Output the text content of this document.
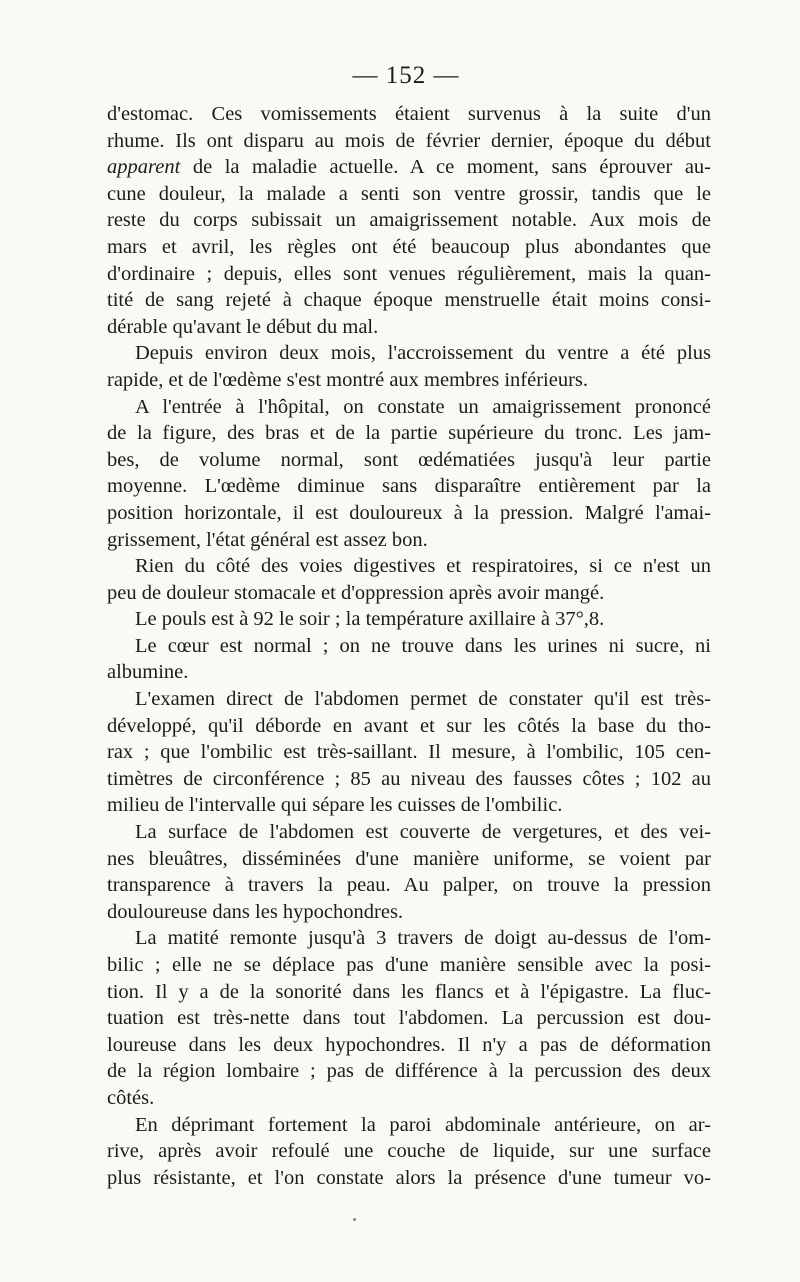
— 152 —
d'estomac. Ces vomissements étaient survenus à la suite d'un
rhume. Ils ont disparu au mois de février dernier, époque du début
apparent de la maladie actuelle. A ce moment, sans éprouver au-
cune douleur, la malade a senti son ventre grossir, tandis que le
reste du corps subissait un amaigrissement notable. Aux mois de
mars et avril, les règles ont été beaucoup plus abondantes que
d'ordinaire ; depuis, elles sont venues régulièrement, mais la quan-
tité de sang rejeté à chaque époque menstruelle était moins consi-
dérable qu'avant le début du mal.
Depuis environ deux mois, l'accroissement du ventre a été plus
rapide, et de l'œdème s'est montré aux membres inférieurs.
A l'entrée à l'hôpital, on constate un amaigrissement prononcé
de la figure, des bras et de la partie supérieure du tronc. Les jam-
bes, de volume normal, sont œdématiées jusqu'à leur partie
moyenne. L'œdème diminue sans disparaître entièrement par la
position horizontale, il est douloureux à la pression. Malgré l'amai-
grissement, l'état général est assez bon.
Rien du côté des voies digestives et respiratoires, si ce n'est un
peu de douleur stomacale et d'oppression après avoir mangé.
Le pouls est à 92 le soir ; la température axillaire à 37°,8.
Le cœur est normal ; on ne trouve dans les urines ni sucre, ni
albumine.
L'examen direct de l'abdomen permet de constater qu'il est très-
développé, qu'il déborde en avant et sur les côtés la base du tho-
rax ; que l'ombilic est très-saillant. Il mesure, à l'ombilic, 105 cen-
timètres de circonférence ; 85 au niveau des fausses côtes ; 102 au
milieu de l'intervalle qui sépare les cuisses de l'ombilic.
La surface de l'abdomen est couverte de vergetures, et des vei-
nes bleuâtres, disséminées d'une manière uniforme, se voient par
transparence à travers la peau. Au palper, on trouve la pression
douloureuse dans les hypochondres.
La matité remonte jusqu'à 3 travers de doigt au-dessus de l'om-
bilic ; elle ne se déplace pas d'une manière sensible avec la posi-
tion. Il y a de la sonorité dans les flancs et à l'épigastre. La fluc-
tuation est très-nette dans tout l'abdomen. La percussion est dou-
loureuse dans les deux hypochondres. Il n'y a pas de déformation
de la région lombaire ; pas de différence à la percussion des deux
côtés.
En déprimant fortement la paroi abdominale antérieure, on ar-
rive, après avoir refoulé une couche de liquide, sur une surface
plus résistante, et l'on constate alors la présence d'une tumeur vo-
